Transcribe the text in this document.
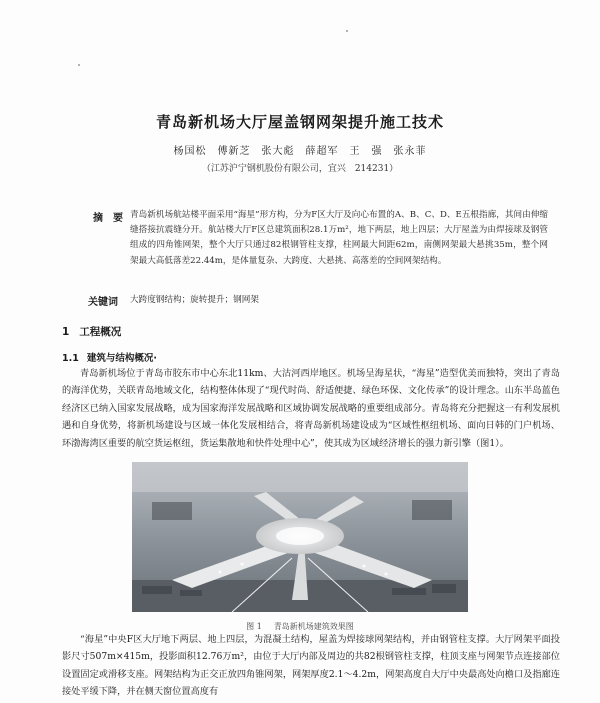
青岛新机场大厅屋盖钢网架提升施工技术
杨国松　傅新芝　张大彪　薛超军　王　强　张永菲
（江苏沪宁钢机股份有限公司，宜兴　214231）
摘　要 青岛新机场航站楼平面采用“海星”形方构，分为F区大厅及向心布置的A、B、C、D、E五根指廊，其间由伸缩缝搭接抗震缝分开。航站楼大厅F区总建筑面积28.1万m²，地下两层，地上四层；大厅屋盖为由焊接球及钢管组成的四角锥网架，整个大厅只通过82根钢管柱支撑，柱网最大间距62m，南侧网架最大悬挑35m，整个网架最大高低落差22.44m，是体量复杂、大跨度、大悬挑、高落差的空间网架结构。
关键词 大跨度钢结构；旋转提升；钢网架
1 工程概况
1.1 建筑与结构概况·
青岛新机场位于青岛市胶东市中心东北11km、大沽河西岸地区。机场呈海星状，“海星”造型优美而独特，突出了青岛的海洋优势，关联青岛地域文化，结构整体体现了“现代时尚、舒适便捷、绿色环保、文化传承”的设计理念。山东半岛蓝色经济区已纳入国家发展战略，成为国家海洋发展战略和区域协调发展战略的重要组成部分。青岛将充分把握这一有利发展机遇和自身优势，将新机场建设与区域一体化发展相结合，将青岛新机场建设成为“区域性枢纽机场、面向日韩的门户机场、环渤海湾区重要的航空货运枢纽，货运集散地和快件处理中心”，使其成为区域经济增长的强力新引擎（图1）。
图 1 青岛新机场建筑效果图
“海星”中央F区大厅地下两层、地上四层，为混凝土结构，屋盖为焊接球网架结构，并由钢管柱支撑。大厅网架平面投影尺寸507m×415m，投影面积12.76万m²，由位于大厅内部及周边的共82根钢管柱支撑，柱顶支座与网架节点连接部位设置固定或滑移支座。网架结构为正交正放四角锥网架，网架厚度2.1～4.2m，网架高度自大厅中央最高处向檐口及指廊连接处平缓下降，并在侧天窗位置高度有
